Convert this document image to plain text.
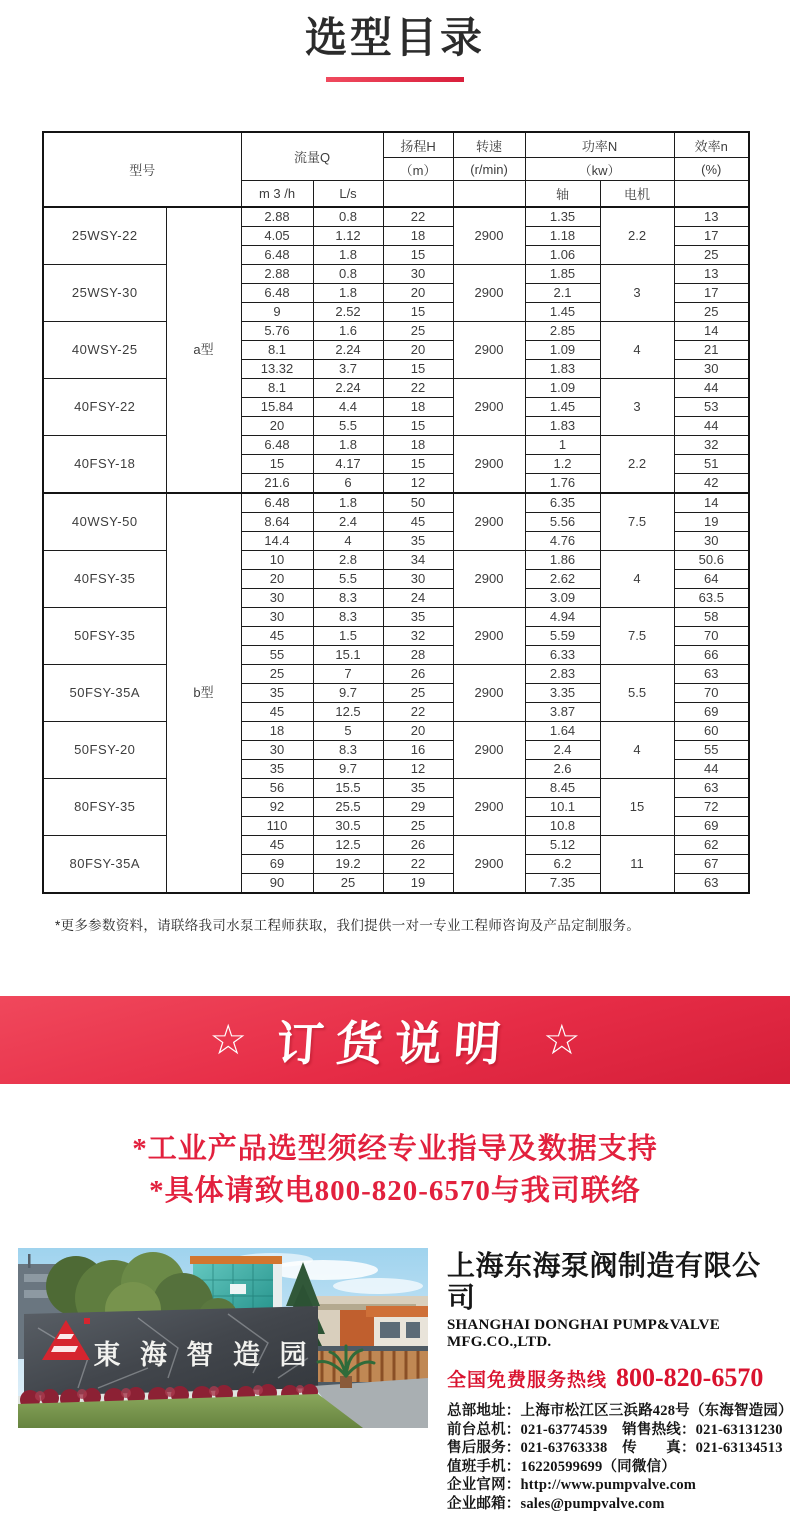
选型目录
型号		流量Q		扬程H	转速	功率N		效率n
				（m）	(r/min)	（kw）		(%)
		m 3 /h	L/s			轴	电机	
25WSY-22	a型	2.88	0.8	22	2900	1.35	2.2	13
		4.05	1.12	18		1.18		17
		6.48	1.8	15		1.06		25
25WSY-30		2.88	0.8	30	2900	1.85	3	13
		6.48	1.8	20		2.1		17
		9	2.52	15		1.45		25
40WSY-25		5.76	1.6	25	2900	2.85	4	14
		8.1	2.24	20		1.09		21
		13.32	3.7	15		1.83		30
40FSY-22		8.1	2.24	22	2900	1.09	3	44
		15.84	4.4	18		1.45		53
		20	5.5	15		1.83		44
40FSY-18		6.48	1.8	18	2900	1	2.2	32
		15	4.17	15		1.2		51
		21.6	6	12		1.76		42
40WSY-50	b型	6.48	1.8	50	2900	6.35	7.5	14
		8.64	2.4	45		5.56		19
		14.4	4	35		4.76		30
40FSY-35		10	2.8	34	2900	1.86	4	50.6
		20	5.5	30		2.62		64
		30	8.3	24		3.09		63.5
50FSY-35		30	8.3	35	2900	4.94	7.5	58
		45	1.5	32		5.59		70
		55	15.1	28		6.33		66
50FSY-35A		25	7	26	2900	2.83	5.5	63
		35	9.7	25		3.35		70
		45	12.5	22		3.87		69
50FSY-20		18	5	20	2900	1.64	4	60
		30	8.3	16		2.4		55
		35	9.7	12		2.6		44
80FSY-35		56	15.5	35	2900	8.45	15	63
		92	25.5	29		10.1		72
		110	30.5	25		10.8		69
80FSY-35A		45	12.5	26	2900	5.12	11	62
		69	19.2	22		6.2		67
		90	25	19		7.35		63

*更多参数资料，请联络我司水泵工程师获取，我们提供一对一专业工程师咨询及产品定制服务。

☆ 订货说明 ☆
*工业产品选型须经专业指导及数据支持
*具体请致电800-820-6570与我司联络
東 海 智 造 园
上海东海泵阀制造有限公司
SHANGHAI DONGHAI PUMP&VALVE MFG.CO.,LTD.
全国免费服务热线 800-820-6570
总部地址：上海市松江区三浜路428号（东海智造园）
前台总机：021-63774539　销售热线：021-63131230
售后服务：021-63763338　传　　真：021-63134513
值班手机：16220599699（同微信）
企业官网：http://www.pumpvalve.com
企业邮箱：sales@pumpvalve.com
